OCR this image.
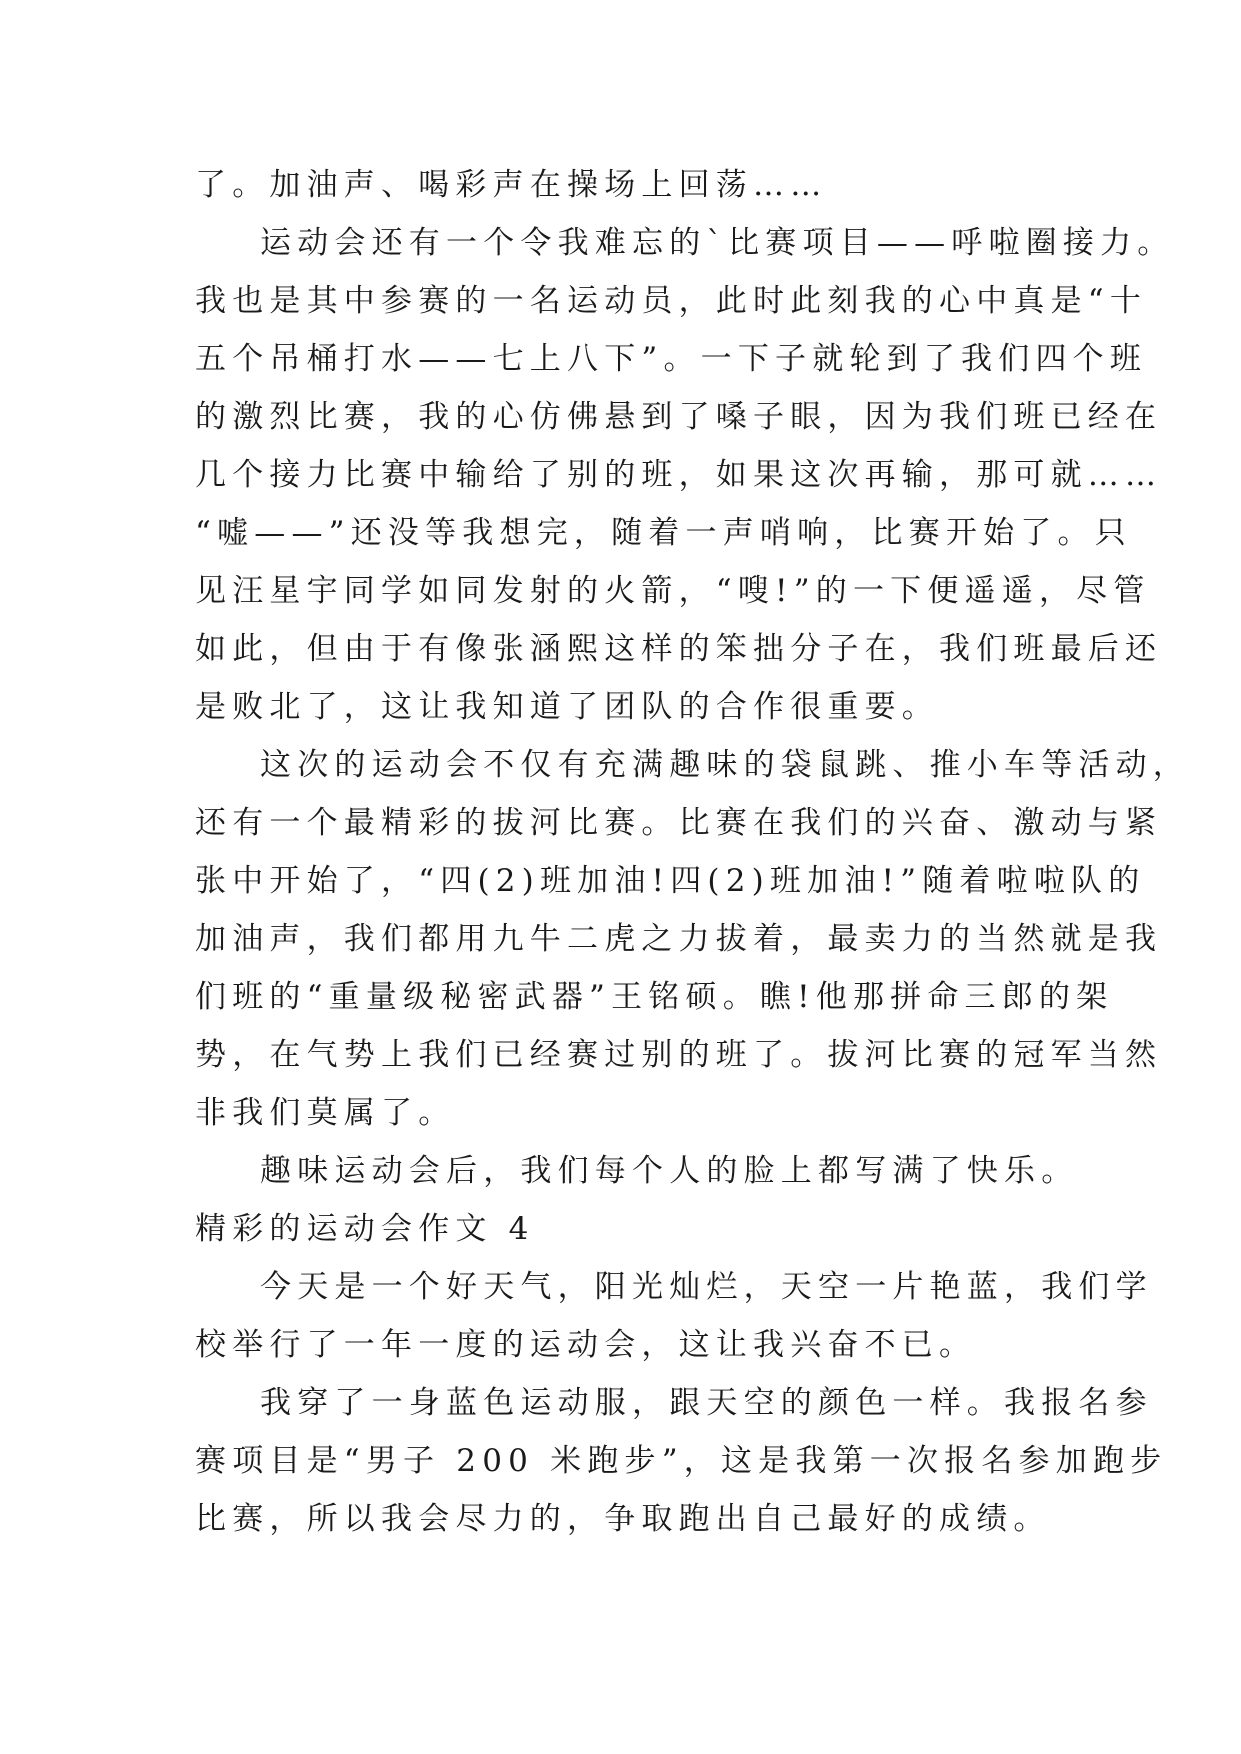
了。加油声、喝彩声在操场上回荡……
运动会还有一个令我难忘的`比赛项目——呼啦圈接力。
我也是其中参赛的一名运动员，此时此刻我的心中真是“十
五个吊桶打水——七上八下”。一下子就轮到了我们四个班
的激烈比赛，我的心仿佛悬到了嗓子眼，因为我们班已经在
几个接力比赛中输给了别的班，如果这次再输，那可就……
“嘘——”还没等我想完，随着一声哨响，比赛开始了。只
见汪星宇同学如同发射的火箭，“嗖!”的一下便遥遥，尽管
如此，但由于有像张涵熙这样的笨拙分子在，我们班最后还
是败北了，这让我知道了团队的合作很重要。
这次的运动会不仅有充满趣味的袋鼠跳、推小车等活动，
还有一个最精彩的拔河比赛。比赛在我们的兴奋、激动与紧
张中开始了，“四(2)班加油!四(2)班加油!”随着啦啦队的
加油声，我们都用九牛二虎之力拔着，最卖力的当然就是我
们班的“重量级秘密武器”王铭硕。瞧!他那拼命三郎的架
势，在气势上我们已经赛过别的班了。拔河比赛的冠军当然
非我们莫属了。
趣味运动会后，我们每个人的脸上都写满了快乐。
精彩的运动会作文 4
今天是一个好天气，阳光灿烂，天空一片艳蓝，我们学
校举行了一年一度的运动会，这让我兴奋不已。
我穿了一身蓝色运动服，跟天空的颜色一样。我报名参
赛项目是“男子 200 米跑步”，这是我第一次报名参加跑步
比赛，所以我会尽力的，争取跑出自己最好的成绩。
